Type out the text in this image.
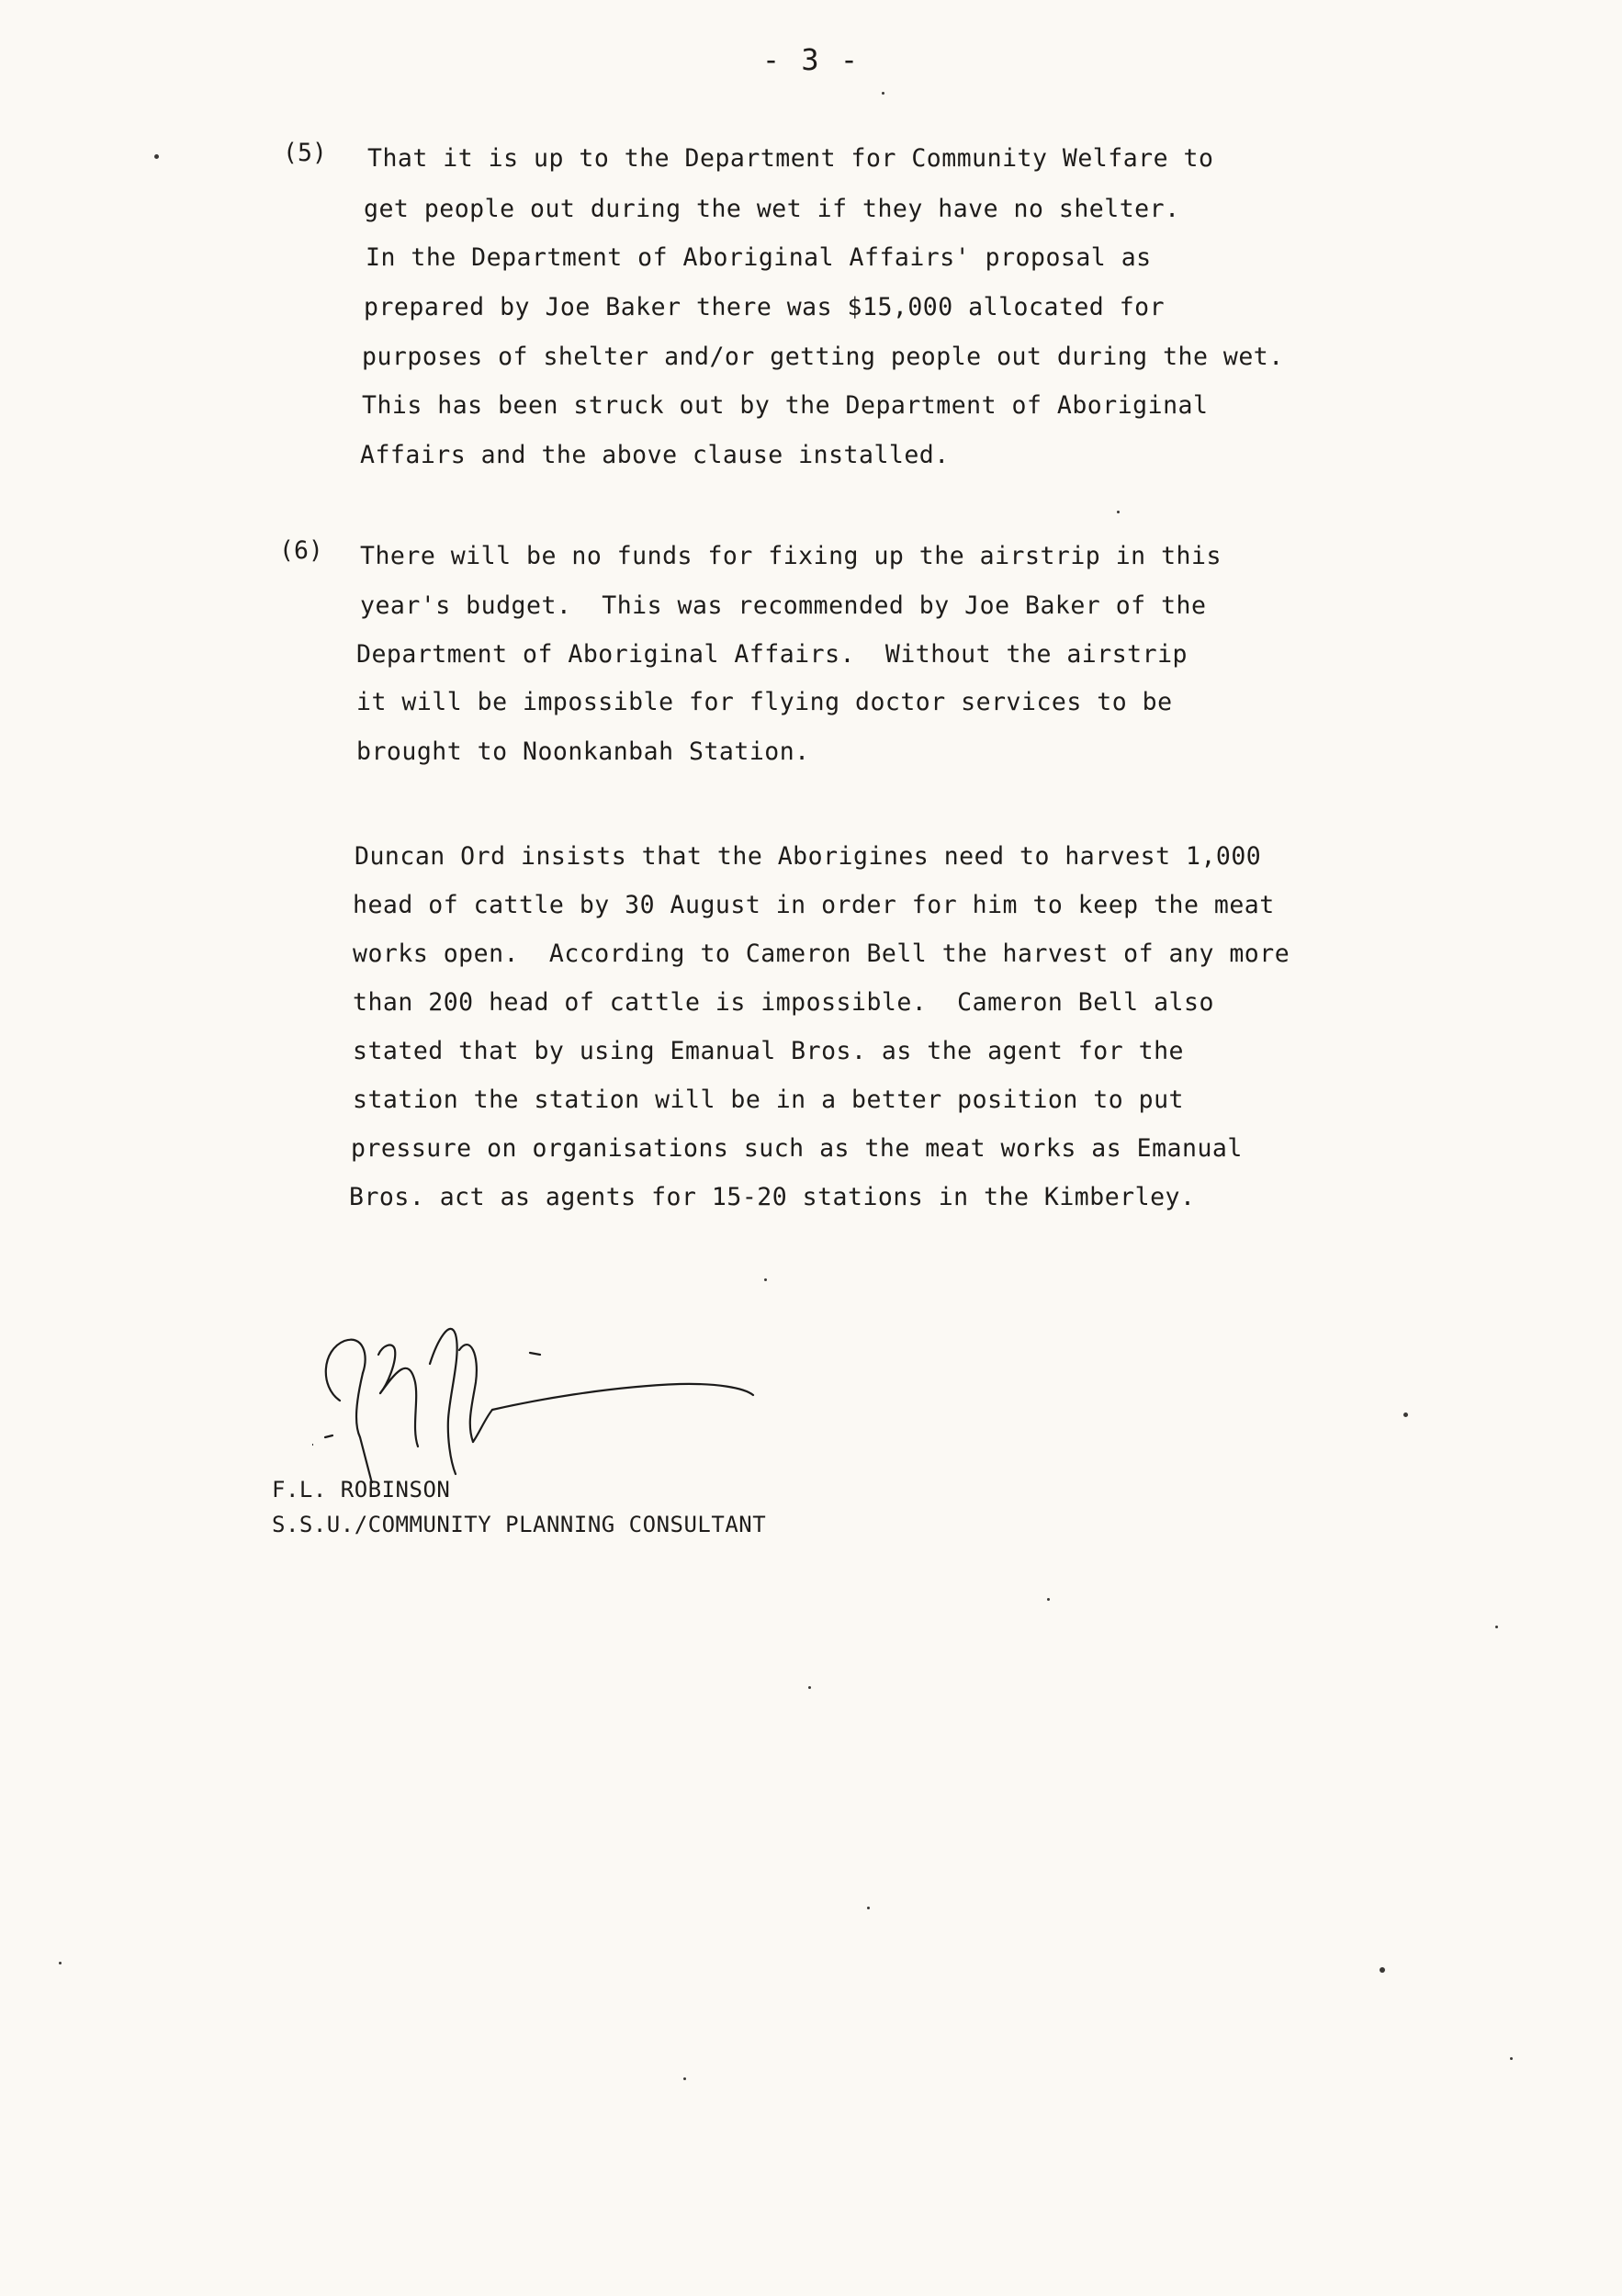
- 3 -
(5) That it is up to the Department for Community Welfare to
get people out during the wet if they have no shelter.
In the Department of Aboriginal Affairs' proposal as
prepared by Joe Baker there was $15,000 allocated for
purposes of shelter and/or getting people out during the wet.
This has been struck out by the Department of Aboriginal
Affairs and the above clause installed.
(6) There will be no funds for fixing up the airstrip in this
year's budget.  This was recommended by Joe Baker of the
Department of Aboriginal Affairs.  Without the airstrip
it will be impossible for flying doctor services to be
brought to Noonkanbah Station.
Duncan Ord insists that the Aborigines need to harvest 1,000
head of cattle by 30 August in order for him to keep the meat
works open.  According to Cameron Bell the harvest of any more
than 200 head of cattle is impossible.  Cameron Bell also
stated that by using Emanual Bros. as the agent for the
station the station will be in a better position to put
pressure on organisations such as the meat works as Emanual
Bros. act as agents for 15-20 stations in the Kimberley.
F.L. ROBINSON
S.S.U./COMMUNITY PLANNING CONSULTANT
